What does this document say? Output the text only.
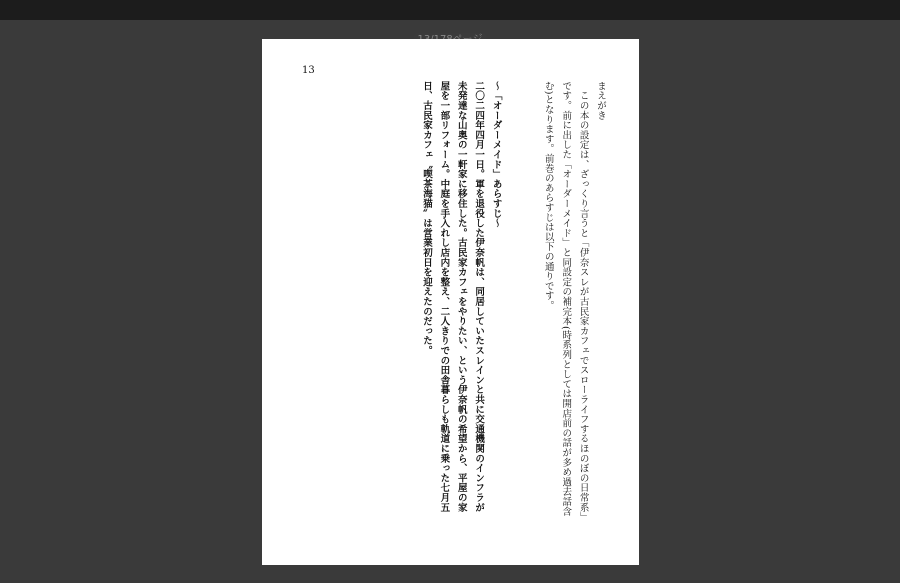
13

まえがき

　この本の設定は、ざっくり言うと「伊奈スレが古民家カフェでスローライフするほのぼの日常系」

です。前に出した「オーダーメイド」と同設定の補完本(時系列としては開店前の話が多め過去話含

む)となります。前巻のあらすじは以下の通りです。

～「オーダーメイド」あらすじ～

二〇二四年四月一日。軍を退役した伊奈帆は、同居していたスレインと共に交通機関のインフラが

未発達な山奥の一軒家に移住した。古民家カフェをやりたい、という伊奈帆の希望から、平屋の家

屋を一部リフォーム。中庭を手入れし店内を整え、二人きりでの田舎暮らしも軌道に乗った七月五

日、古民家カフェ〝喫茶海猫〟は営業初日を迎えたのだった。
